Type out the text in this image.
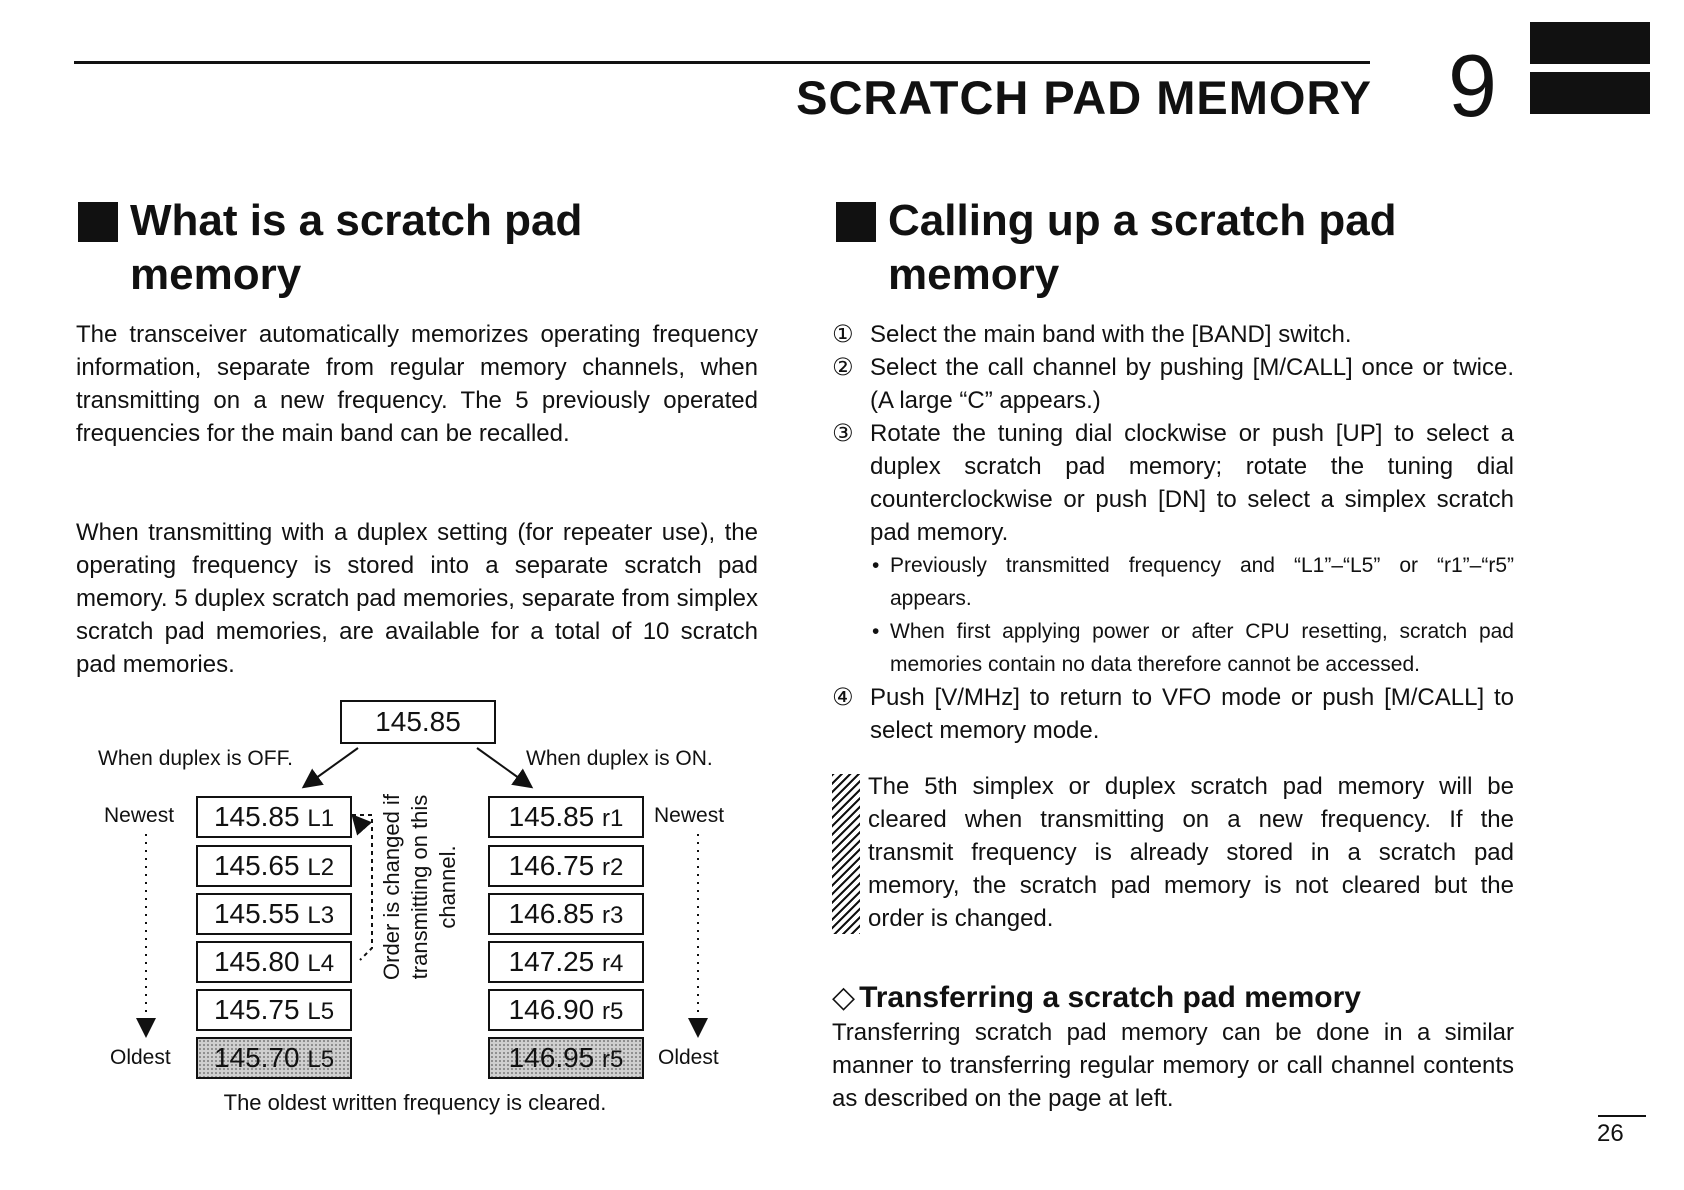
SCRATCH PAD MEMORY 9
What is a scratch pad
memory
The transceiver automatically memorizes operating frequency information, separate from regular memory channels, when transmitting on a new frequency. The 5 previously operated frequencies for the main band can be recalled.
When transmitting with a duplex setting (for repeater use), the operating frequency is stored into a separate scratch pad memory. 5 duplex scratch pad memories, separate from simplex scratch pad memories, are available for a total of 10 scratch pad memories.
145.85
When duplex is OFF.	When duplex is ON.
Newest
Oldest
Newest
Oldest
145.85 L1
145.65 L2
145.55 L3
145.80 L4
145.75 L5
145.70 L5
145.85 r1
146.75 r2
146.85 r3
147.25 r4
146.90 r5
146.95 r5
Order is changed if transmitting on this channel.
The oldest written frequency is cleared.
Calling up a scratch pad
memory
① Select the main band with the [BAND] switch.
② Select the call channel by pushing [M/CALL] once or twice. (A large “C” appears.)
③ Rotate the tuning dial clockwise or push [UP] to select a duplex scratch pad memory; rotate the tuning dial counterclockwise or push [DN] to select a simplex scratch pad memory.
• Previously transmitted frequency and “L1”–“L5” or “r1”–“r5” appears.
• When first applying power or after CPU resetting, scratch pad memories contain no data therefore cannot be accessed.
④ Push [V/MHz] to return to VFO mode or push [M/CALL] to select memory mode.
The 5th simplex or duplex scratch pad memory will be cleared when transmitting on a new frequency. If the transmit frequency is already stored in a scratch pad memory, the scratch pad memory is not cleared but the order is changed.
◇ Transferring a scratch pad memory
Transferring scratch pad memory can be done in a similar manner to transferring regular memory or call channel contents as described on the page at left.
26
